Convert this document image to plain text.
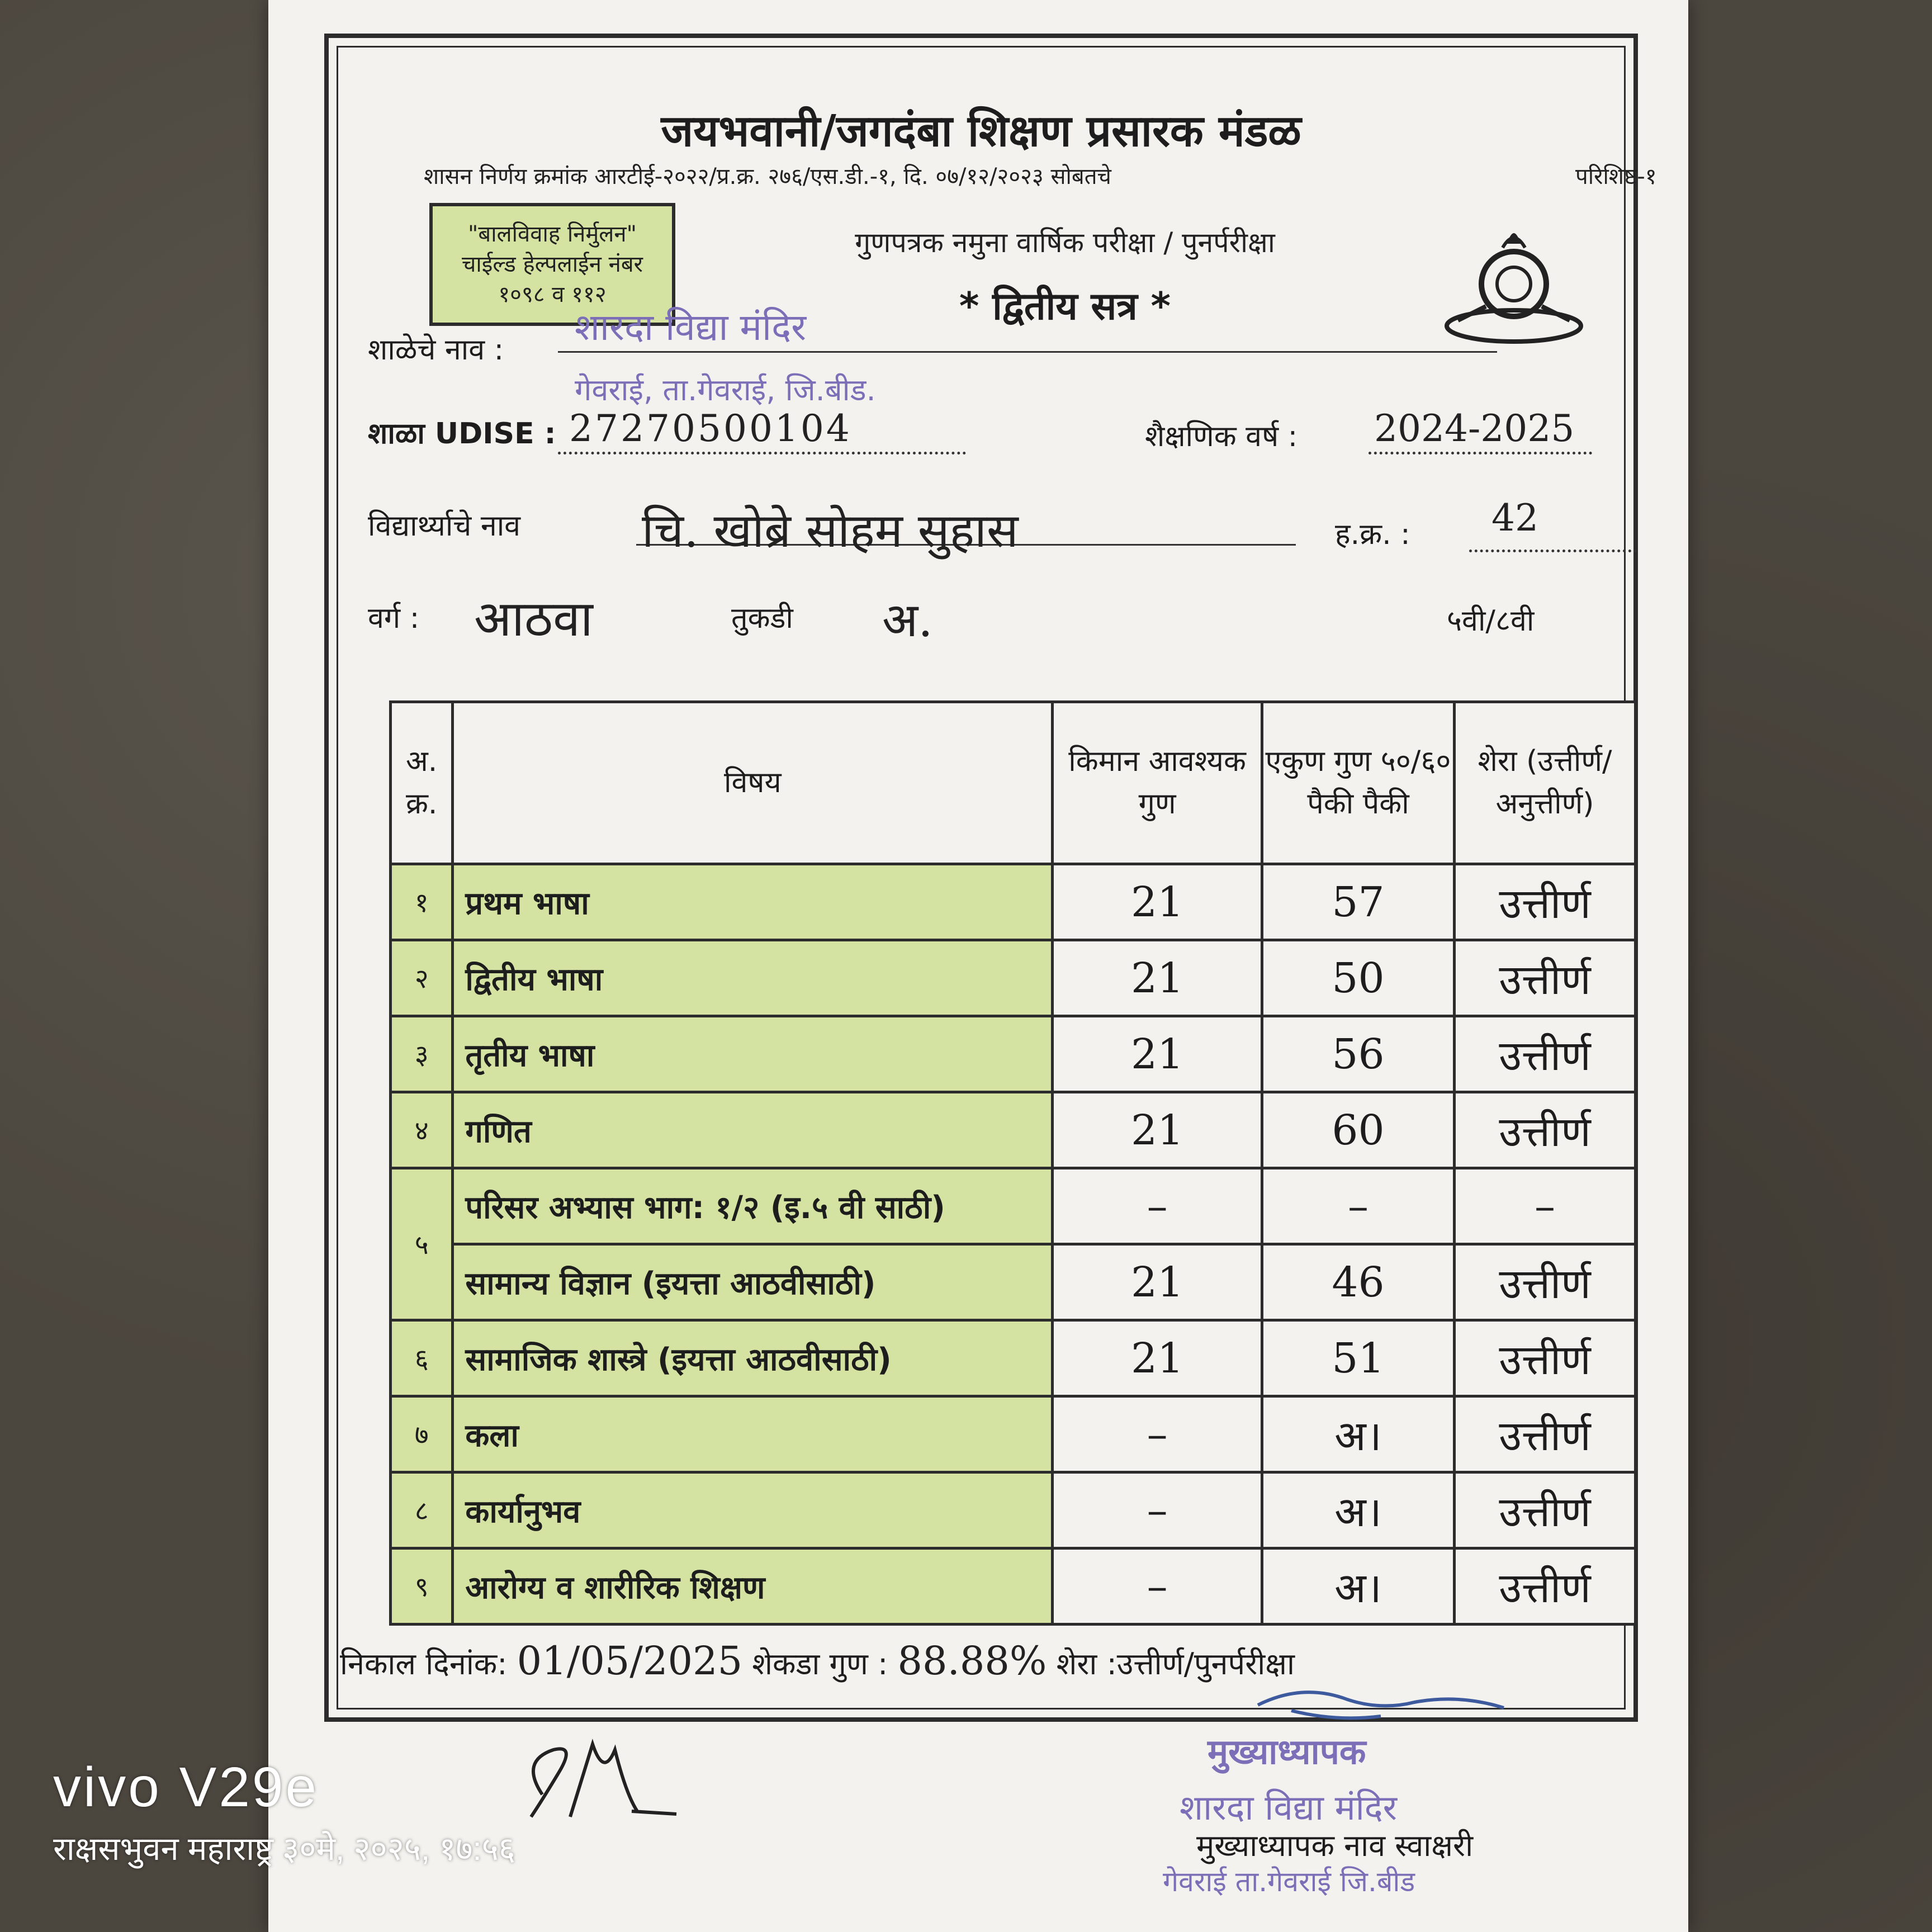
जयभवानी/जगदंबा शिक्षण प्रसारक मंडळ
शासन निर्णय क्रमांक आरटीई-२०२२/प्र.क्र. २७६/एस.डी.-१, दि. ०७/१२/२०२३ सोबतचे	परिशिष्ट-१
"बालविवाह निर्मुलन"
चाईल्ड हेल्पलाईन नंबर
१०९८ व ११२
गुणपत्रक नमुना वार्षिक परीक्षा / पुनर्परीक्षा
* द्वितीय सत्र *
शाळेचे नाव :
शारदा विद्या मंदिर
गेवराई, ता.गेवराई, जि.बीड.
शाळा UDISE : 27270500104	शैक्षणिक वर्ष : 2024-2025
विद्यार्थ्याचे नाव	चि. खोब्रे सोहम सुहास	ह.क्र. : 42
वर्ग : आठवा	तुकडी अ.	५वी/८वी
अ. क्र.	विषय	किमान आवश्यक गुण	एकुण गुण ५०/६० पैकी पैकी	शेरा (उत्तीर्ण/ अनुत्तीर्ण)
१	प्रथम भाषा	21	57	उत्तीर्ण
२	द्वितीय भाषा	21	50	उत्तीर्ण
३	तृतीय भाषा	21	56	उत्तीर्ण
४	गणित	21	60	उत्तीर्ण
५	परिसर अभ्यास भाग: १/२ (इ.५ वी साठी)	–	–	–
	सामान्य विज्ञान (इयत्ता आठवीसाठी)	21	46	उत्तीर्ण
६	सामाजिक शास्त्रे (इयत्ता आठवीसाठी)	21	51	उत्तीर्ण
७	कला	–	अ।	उत्तीर्ण
८	कार्यानुभव	–	अ।	उत्तीर्ण
९	आरोग्य व शारीरिक शिक्षण	–	अ।	उत्तीर्ण
निकाल दिनांक: 01/05/2025 शेकडा गुण : 88.88% शेरा :उत्तीर्ण/पुनर्परीक्षा
मुख्याध्यापक
शारदा विद्या मंदिर
मुख्याध्यापक नाव स्वाक्षरी
गेवराई ता.गेवराई जि.बीड
vivo V29e
राक्षसभुवन महाराष्ट्र ३०मे, २०२५, १७:५६
